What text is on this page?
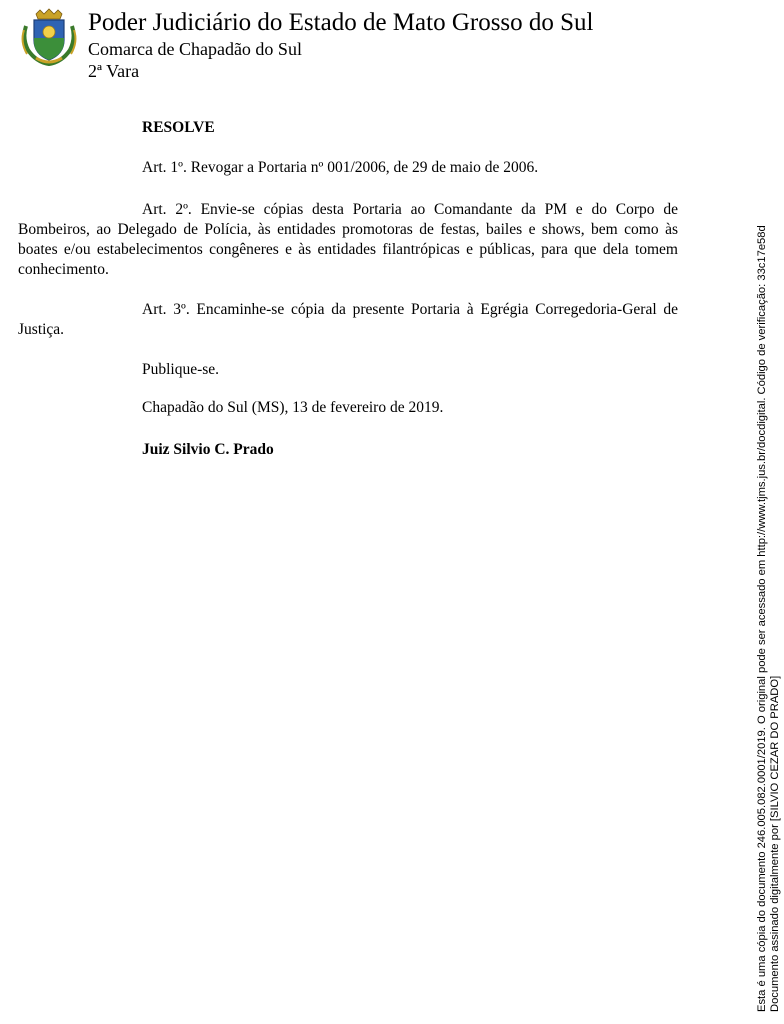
Poder Judiciário do Estado de Mato Grosso do Sul
Comarca de Chapadão do Sul
2ª Vara

RESOLVE

Art. 1º. Revogar a Portaria nº 001/2006, de 29 de maio de 2006.

Art. 2º. Envie-se cópias desta Portaria ao Comandante da PM e do Corpo de Bombeiros, ao Delegado de Polícia, às entidades promotoras de festas, bailes e shows, bem como às boates e/ou estabelecimentos congêneres e às entidades filantrópicas e públicas, para que dela tomem conhecimento.

Art. 3º. Encaminhe-se cópia da presente Portaria à Egrégia Corregedoria-Geral de Justiça.

Publique-se.

Chapadão do Sul (MS), 13 de fevereiro de 2019.

Juiz Silvio C. Prado	Esta é uma cópia do documento 246.005.082.0001/2019. O original pode ser acessado em http://www.tjms.jus.br/docdigital. Código de verificação: 33c17e58d Documento assinado digitalmente por [SILVIO CEZAR DO PRADO]
